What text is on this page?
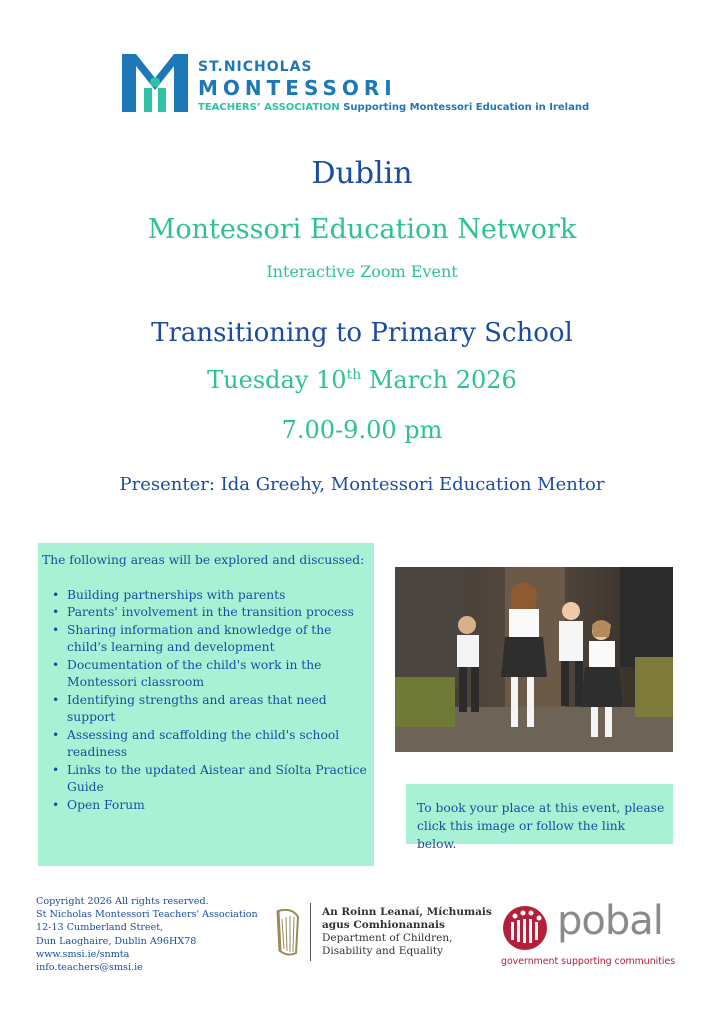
ST.NICHOLAS
MONTESSORI
TEACHERS’ ASSOCIATION Supporting Montessori Education in Ireland
Dublin
Montessori Education Network
Interactive Zoom Event
Transitioning to Primary School
Tuesday 10th March 2026
7.00-9.00 pm
Presenter: Ida Greehy, Montessori Education Mentor
The following areas will be explored and discussed:
• Building partnerships with parents
• Parents' involvement in the transition process
• Sharing information and knowledge of the child's learning and development
• Documentation of the child's work in the Montessori classroom
• Identifying strengths and areas that need support
• Assessing and scaffolding the child's school readiness
• Links to the updated Aistear and Síolta Practice Guide
• Open Forum	To book your place at this event, please click this image or follow the link below.
Copyright 2026 All rights reserved.
St Nicholas Montessori Teachers' Association
12-13 Cumberland Street,
Dun Laoghaire, Dublin A96HX78
www.smsi.ie/snmta
info.teachers@smsi.ie
An Roinn Leanaí, Míchumais
agus Comhionannais
Department of Children,
Disability and Equality
pobal
government supporting communities
